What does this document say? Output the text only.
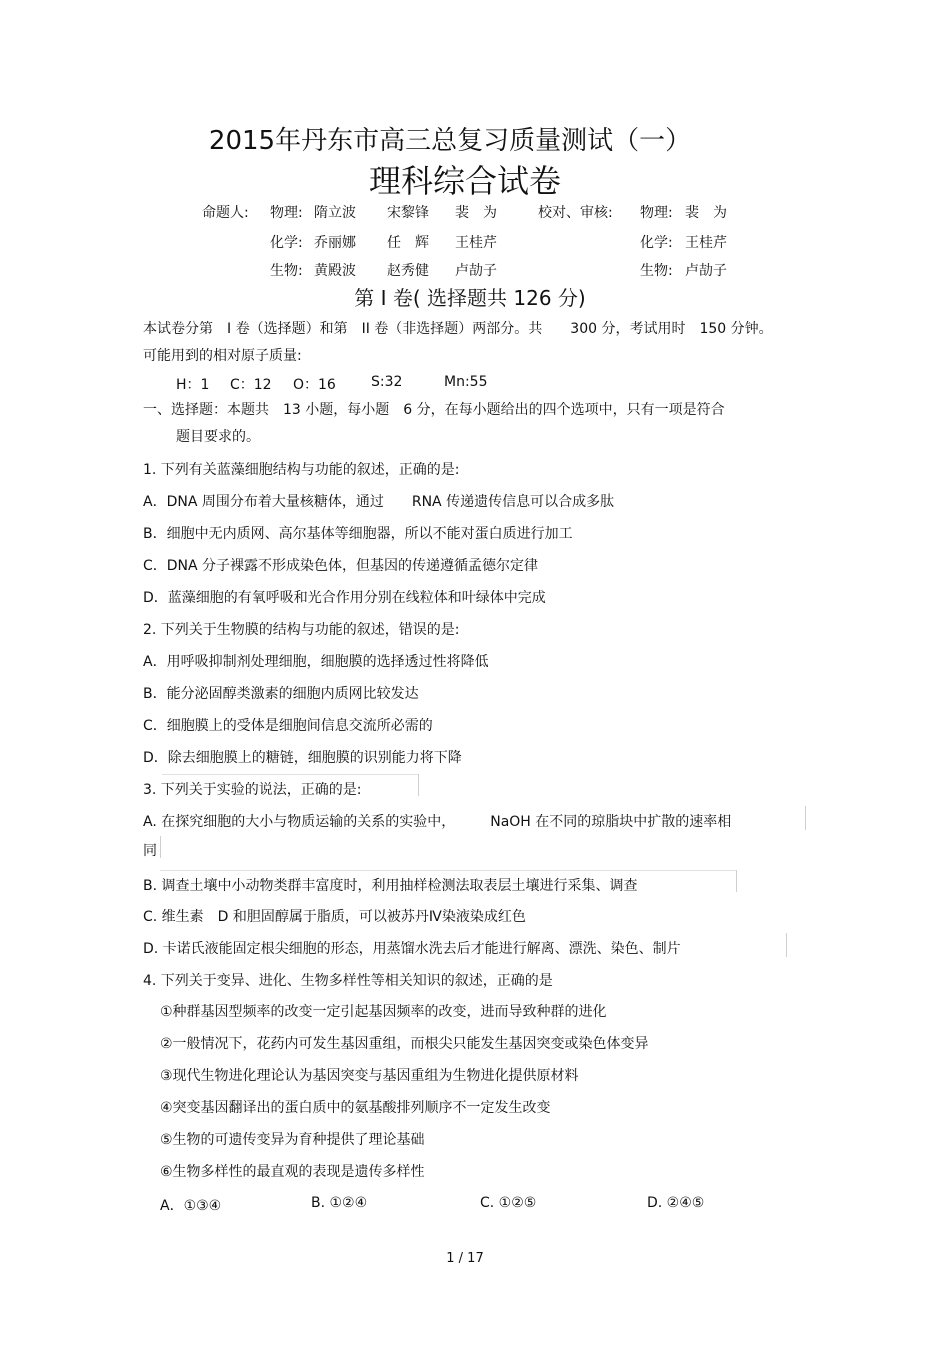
2015年丹东市高三总复习质量测试（一）
理科综合试卷
命题人: 物理: 隋立波 宋黎锋 裴　为	校对、审核: 物理: 裴　为
化学: 乔丽娜 任　辉 王桂芹	化学: 王桂芹
生物: 黄殿波 赵秀健 卢劼子	生物: 卢劼子
第 I 卷( 选择题共 126 分)
本试卷分第　I 卷（选择题）和第　II 卷（非选择题）两部分。共　　300 分，考试用时　150 分钟。
可能用到的相对原子质量:
H：1 C：12 O：16	S:32	Mn:55
一、选择题：本题共　13 小题，每小题　6 分，在每小题给出的四个选项中，只有一项是符合
题目要求的。
1. 下列有关蓝藻细胞结构与功能的叙述，正确的是:
A．DNA 周围分布着大量核糖体，通过　　RNA 传递遗传信息可以合成多肽
B．细胞中无内质网、高尔基体等细胞器，所以不能对蛋白质进行加工
C．DNA 分子裸露不形成染色体，但基因的传递遵循孟德尔定律
D．蓝藻细胞的有氧呼吸和光合作用分别在线粒体和叶绿体中完成
2. 下列关于生物膜的结构与功能的叙述，错误的是:
A．用呼吸抑制剂处理细胞，细胞膜的选择透过性将降低
B．能分泌固醇类激素的细胞内质网比较发达
C．细胞膜上的受体是细胞间信息交流所必需的
D．除去细胞膜上的糖链，细胞膜的识别能力将下降
3. 下列关于实验的说法，正确的是:
A. 在探究细胞的大小与物质运输的关系的实验中，　　　NaOH 在不同的琼脂块中扩散的速率相
同
B. 调查土壤中小动物类群丰富度时，利用抽样检测法取表层土壤进行采集、调查
C. 维生素　D 和胆固醇属于脂质，可以被苏丹Ⅳ染液染成红色
D. 卡诺氏液能固定根尖细胞的形态，用蒸馏水洗去后才能进行解离、漂洗、染色、制片
4. 下列关于变异、进化、生物多样性等相关知识的叙述，正确的是
①种群基因型频率的改变一定引起基因频率的改变，进而导致种群的进化
②一般情况下，花药内可发生基因重组，而根尖只能发生基因突变或染色体变异
③现代生物进化理论认为基因突变与基因重组为生物进化提供原材料
④突变基因翻译出的蛋白质中的氨基酸排列顺序不一定发生改变
⑤生物的可遗传变异为育种提供了理论基础
⑥生物多样性的最直观的表现是遗传多样性
A．①③④	B. ①②④	C. ①②⑤	D. ②④⑤
1 / 17
